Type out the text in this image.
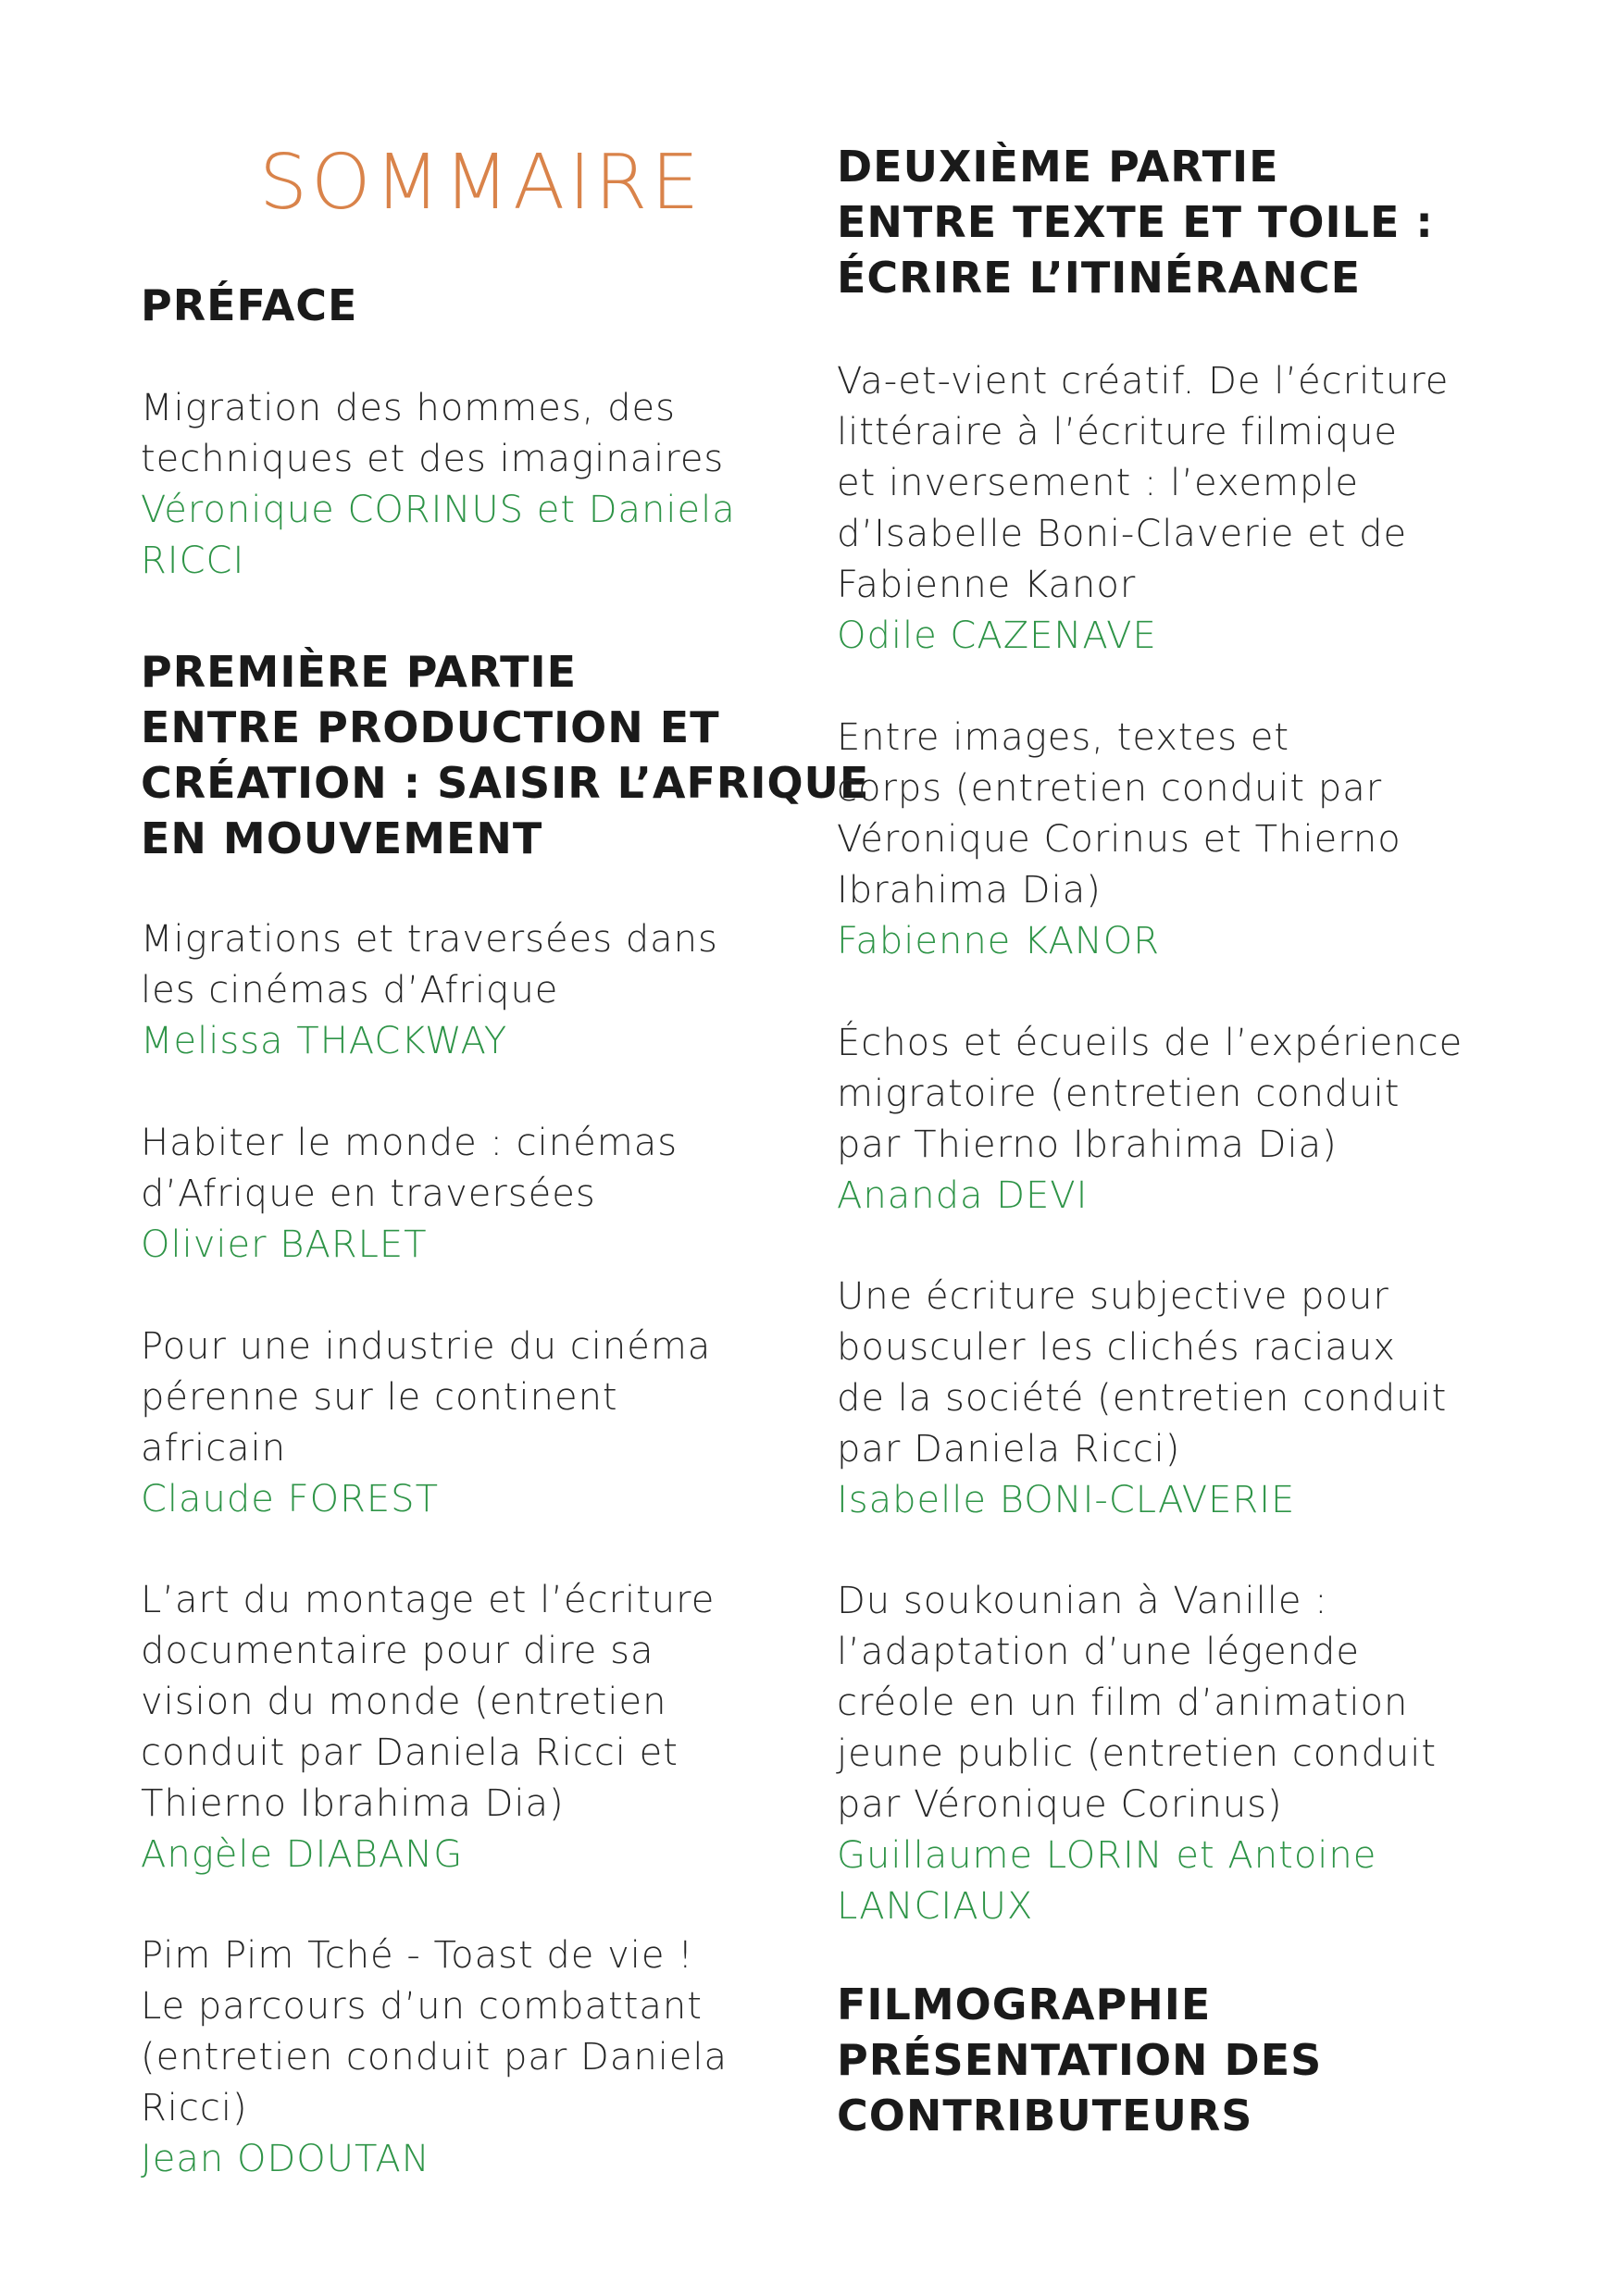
SOMMAIRE
PRÉFACE
Migration des hommes, des
techniques et des imaginaires
Véronique CORINUS et Daniela
RICCI
PREMIÈRE PARTIE
ENTRE PRODUCTION ET
CRÉATION : SAISIR L’AFRIQUE
EN MOUVEMENT
Migrations et traversées dans
les cinémas d’Afrique
Melissa THACKWAY
Habiter le monde : cinémas
d’Afrique en traversées
Olivier BARLET
Pour une industrie du cinéma
pérenne sur le continent
africain
Claude FOREST
L’art du montage et l’écriture
documentaire pour dire sa
vision du monde (entretien
conduit par Daniela Ricci et
Thierno Ibrahima Dia)
Angèle DIABANG
Pim Pim Tché - Toast de vie !
Le parcours d’un combattant
(entretien conduit par Daniela
Ricci)
Jean ODOUTAN
DEUXIÈME PARTIE
ENTRE TEXTE ET TOILE :
ÉCRIRE L’ITINÉRANCE
Va-et-vient créatif. De l’écriture
littéraire à l’écriture filmique
et inversement : l’exemple
d’Isabelle Boni-Claverie et de
Fabienne Kanor
Odile CAZENAVE
Entre images, textes et
corps (entretien conduit par
Véronique Corinus et Thierno
Ibrahima Dia)
Fabienne KANOR
Échos et écueils de l’expérience
migratoire (entretien conduit
par Thierno Ibrahima Dia)
Ananda DEVI
Une écriture subjective pour
bousculer les clichés raciaux
de la société (entretien conduit
par Daniela Ricci)
Isabelle BONI-CLAVERIE
Du soukounian à Vanille :
l’adaptation d’une légende
créole en un film d’animation
jeune public (entretien conduit
par Véronique Corinus)
Guillaume LORIN et Antoine
LANCIAUX
FILMOGRAPHIE
PRÉSENTATION DES
CONTRIBUTEURS
